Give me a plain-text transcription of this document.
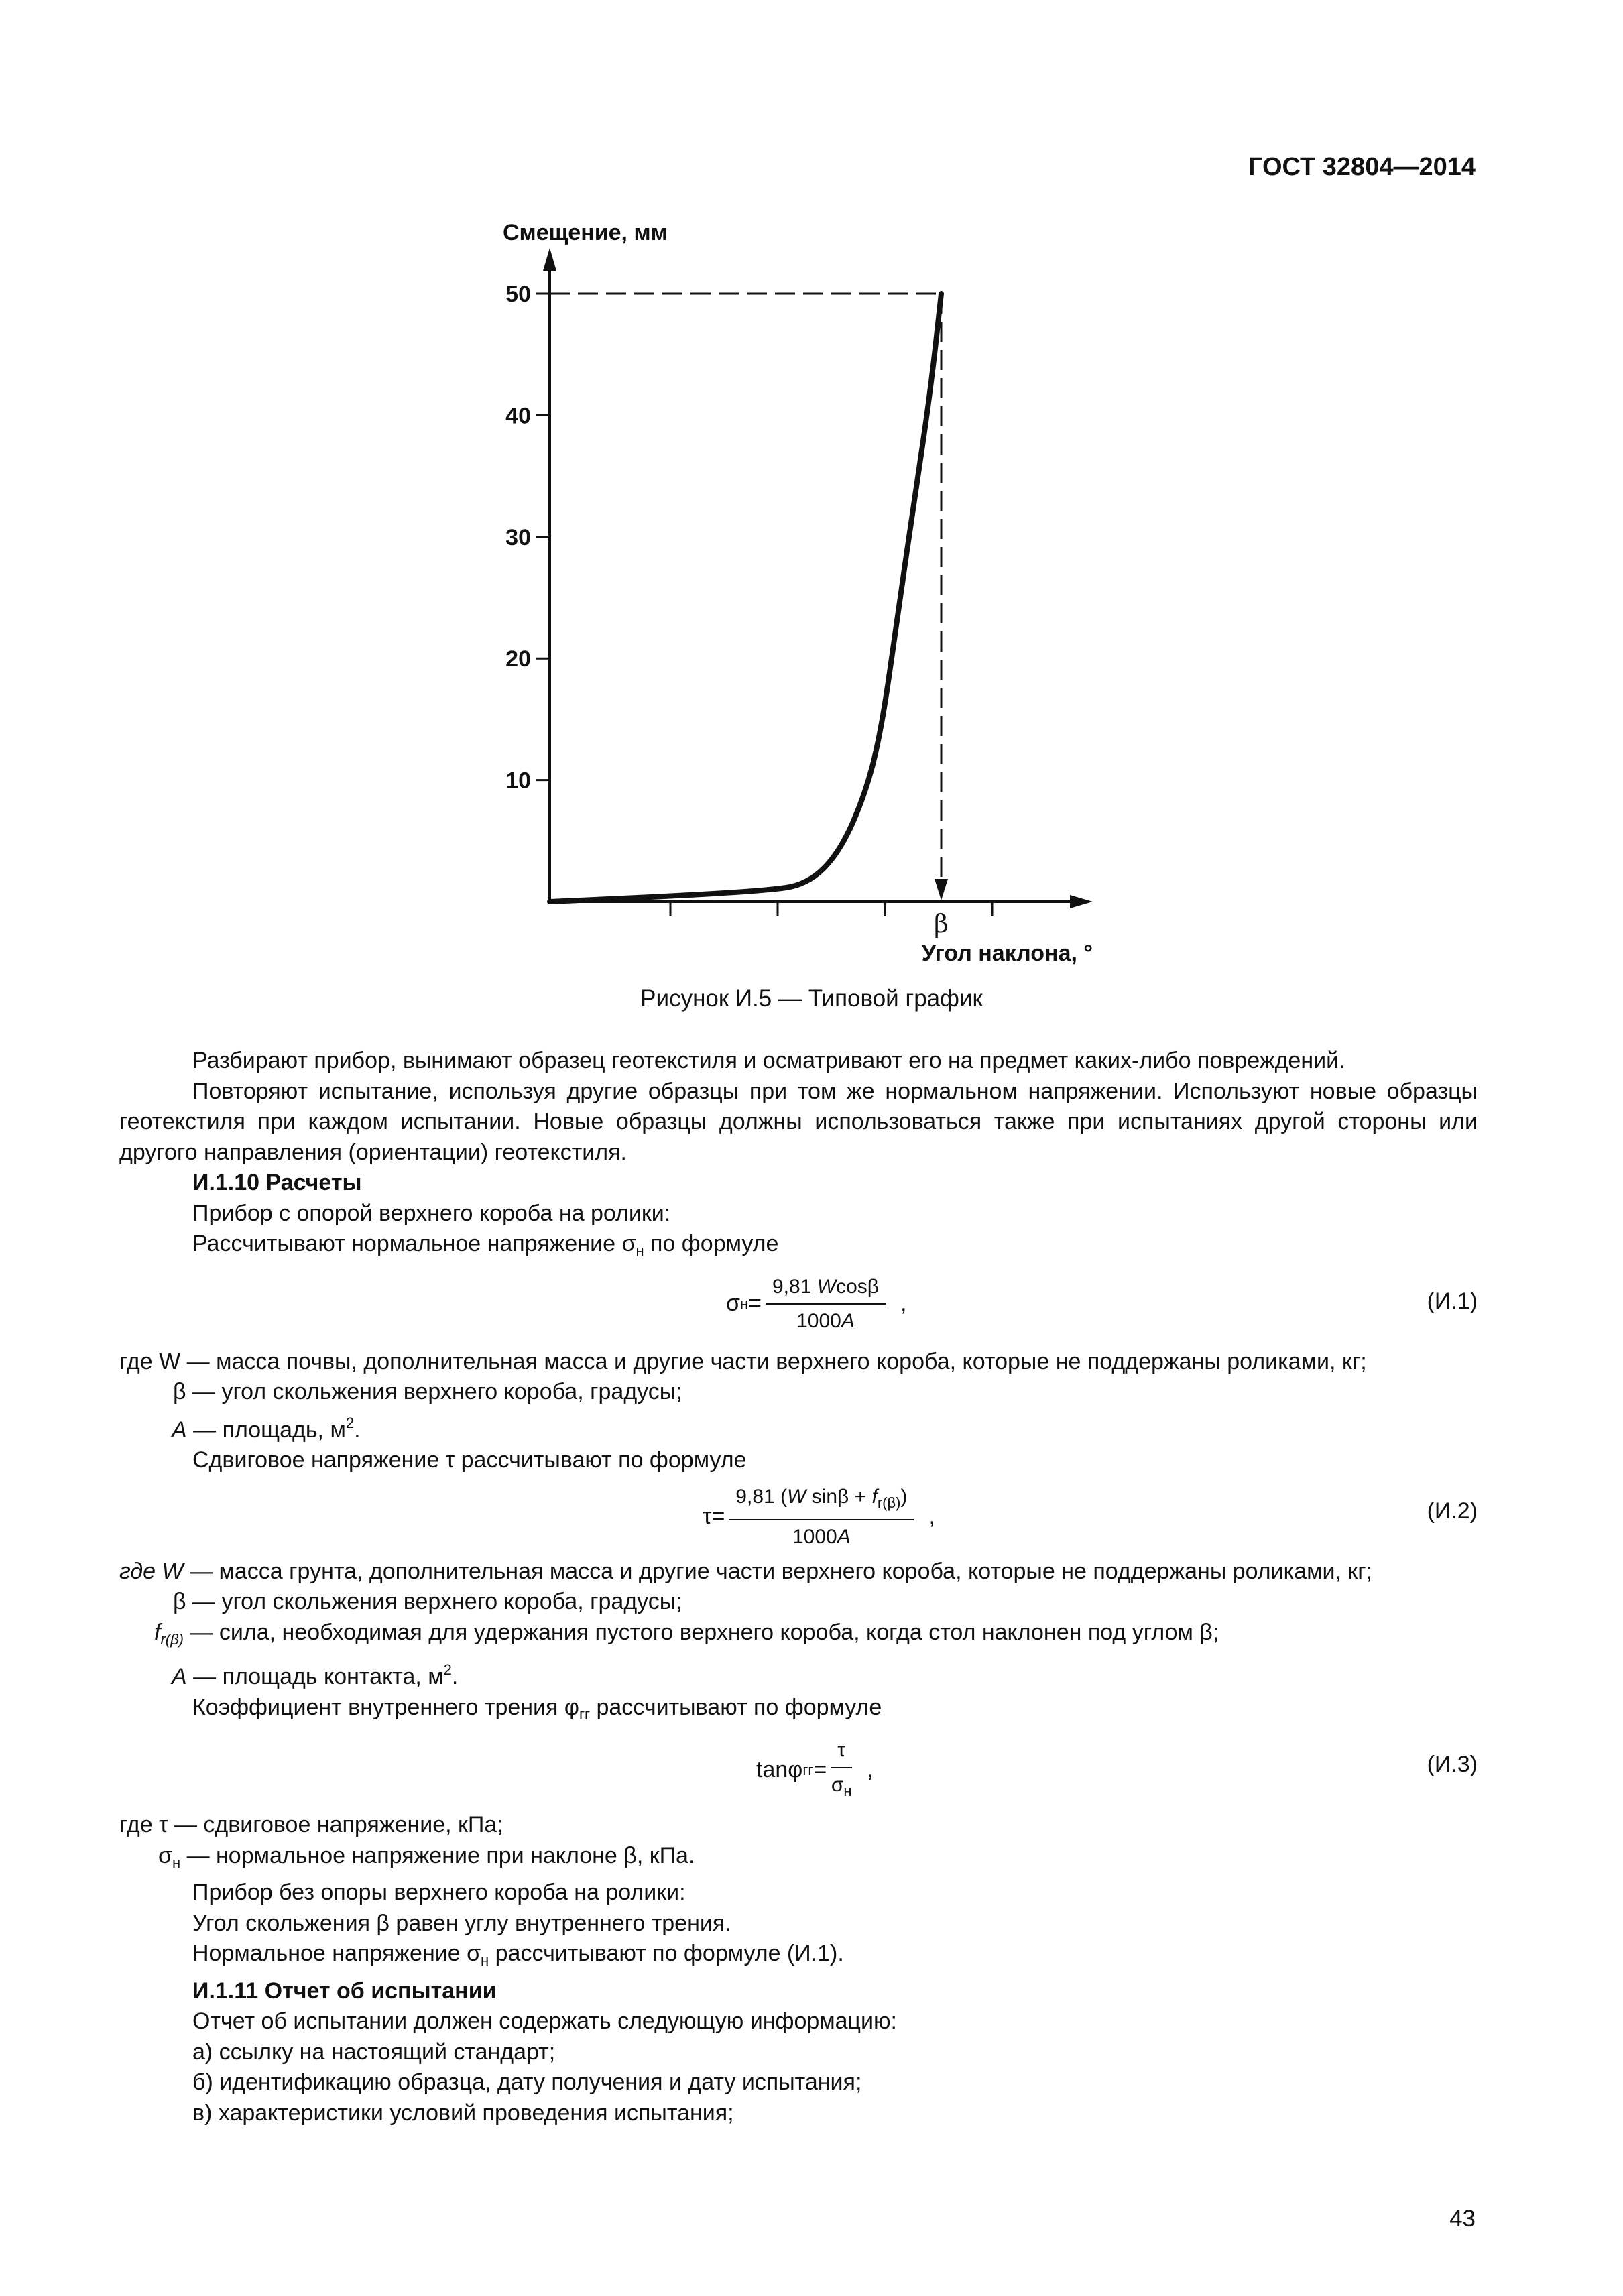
ГОСТ 32804—2014
Смещение, мм
10
20
30
40
50
β
Угол наклона, °
Рисунок И.5 — Типовой график

Разбирают прибор, вынимают образец геотекстиля и осматривают его на предмет каких-либо повреждений.

Повторяют испытание, используя другие образцы при том же нормальном напряжении. Используют новые образцы геотекстиля при каждом испытании. Новые образцы должны использоваться также при испытаниях другой стороны или другого направления (ориентации) геотекстиля.

И.1.10 Расчеты

Прибор с опорой верхнего короба на ролики:

Рассчитывают нормальное напряжение $\sigma_н$ по формуле

σ $н = \frac{9,81 Wcos\beta}{1000A}$ ,	(И.1)

где W — масса почвы, дополнительная масса и другие части верхнего короба, которые не поддержаны роликами, кг;

β — угол скольжения верхнего короба, градусы;

A — площадь, $м^2$.

Сдвиговое напряжение τ рассчитывают по формуле

$\tau = \frac{9,81 (W \sin\beta + f_{r(\beta)})}{1000A}$ ,	(И.2)

где W — масса грунта, дополнительная масса и другие части верхнего короба, которые не поддержаны роликами, кг;

β — угол скольжения верхнего короба, градусы;

$f_{r(\beta)}$ — сила, необходимая для удержания пустого верхнего короба, когда стол наклонен под углом β;

A — площадь контакта, $м^2$.

Коэффициент внутреннего трения $\varphi_{гг}$ рассчитывают по формуле

tanφ гг = $\frac{\tau}{\sigma_н}$ ,	(И.3)

где τ — сдвиговое напряжение, кПа;

$\sigma_н$ — нормальное напряжение при наклоне β, кПа.

Прибор без опоры верхнего короба на ролики:

Угол скольжения β равен углу внутреннего трения.

Нормальное напряжение $\sigma_н$ рассчитывают по формуле (И.1).

И.1.11 Отчет об испытании

Отчет об испытании должен содержать следующую информацию:

а) ссылку на настоящий стандарт;

б) идентификацию образца, дату получения и дату испытания;

в) характеристики условий проведения испытания;

43
